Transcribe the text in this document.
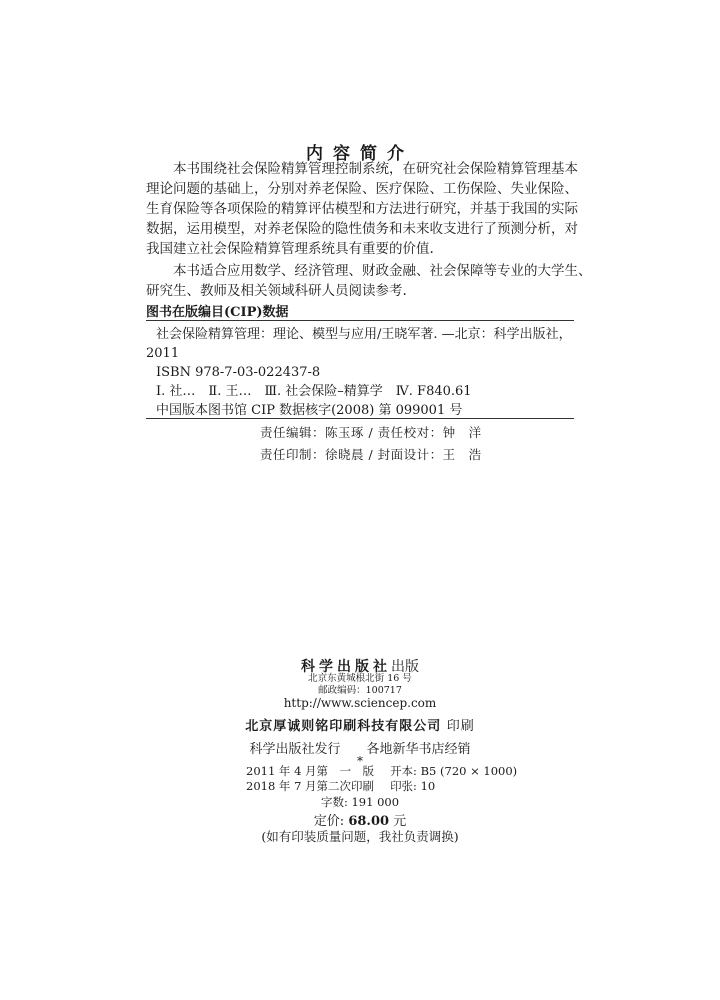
内容简介
本书围绕社会保险精算管理控制系统，在研究社会保险精算管理基本
理论问题的基础上，分别对养老保险、医疗保险、工伤保险、失业保险、
生育保险等各项保险的精算评估模型和方法进行研究，并基于我国的实际
数据，运用模型，对养老保险的隐性债务和未来收支进行了预测分析，对
我国建立社会保险精算管理系统具有重要的价值.
本书适合应用数学、经济管理、财政金融、社会保障等专业的大学生、
研究生、教师及相关领域科研人员阅读参考.
图书在版编目(CIP)数据
社会保险精算管理：理论、模型与应用/王晓军著. —北京：科学出版社，
2011
ISBN 978-7-03-022437-8
Ⅰ. 社…　Ⅱ. 王…　Ⅲ. 社会保险–精算学　Ⅳ. F840.61
中国版本图书馆 CIP 数据核字(2008) 第 099001 号
责任编辑：陈玉琢 / 责任校对：钟　洋
责任印制：徐晓晨 / 封面设计：王　浩
科学出版社出版
北京东黄城根北街 16 号
邮政编码：100717
http://www.sciencep.com
北京厚诚则铭印刷科技有限公司 印刷
科学出版社发行　　各地新华书店经销
*
2011 年 4 月第　一　版 开本: B5 (720 × 1000)
2018 年 7 月第二次印刷 印张: 10
字数: 191 000
定价: 68.00 元
(如有印装质量问题，我社负责调换)
